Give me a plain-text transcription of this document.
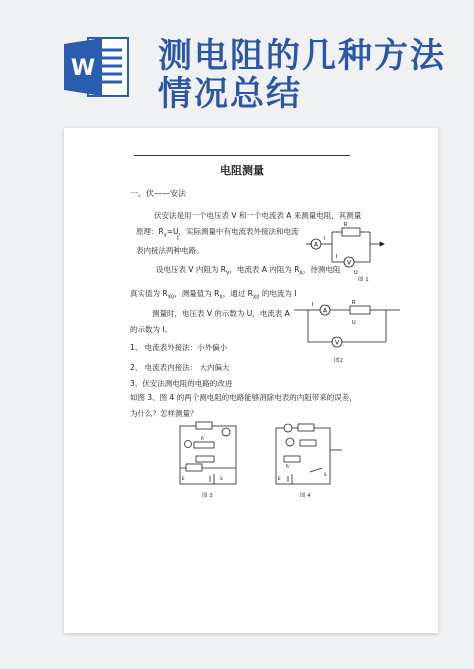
W 测电阻的几种方法
情况总结
电阻测量
一、伏——安法
伏安法是用一个电压表 V 和一个电流表 A 来测量电阻，其测量
原理：$R_x=U$，实际测量中有电流表外接法和电流
I
表内接法两种电路。
设电压表 V 内阻为 $R_V$，电流表 A 内阻为 $R_A$，待测电阻
真实值为 $R_{X0}$，测量值为 $R_X$，通过 $R_{X0}$ 的电流为 I
测量时，电压表 V 的示数为 U，电流表 A
的示数为 I。
1、 电流表外接法：小外偏小
2、 电流表内接法： 大内偏大
3、伏安法测电阻的电路的改进
如图 3、图 4 的两个测电阻的电路能够消除电表的内阻带来的误差，
为什么？怎样测量？
A
V
R
I
I
U
图 1
A
V
R
U
I
图2
R
E	S
图 3
E
S
R'
图 4
